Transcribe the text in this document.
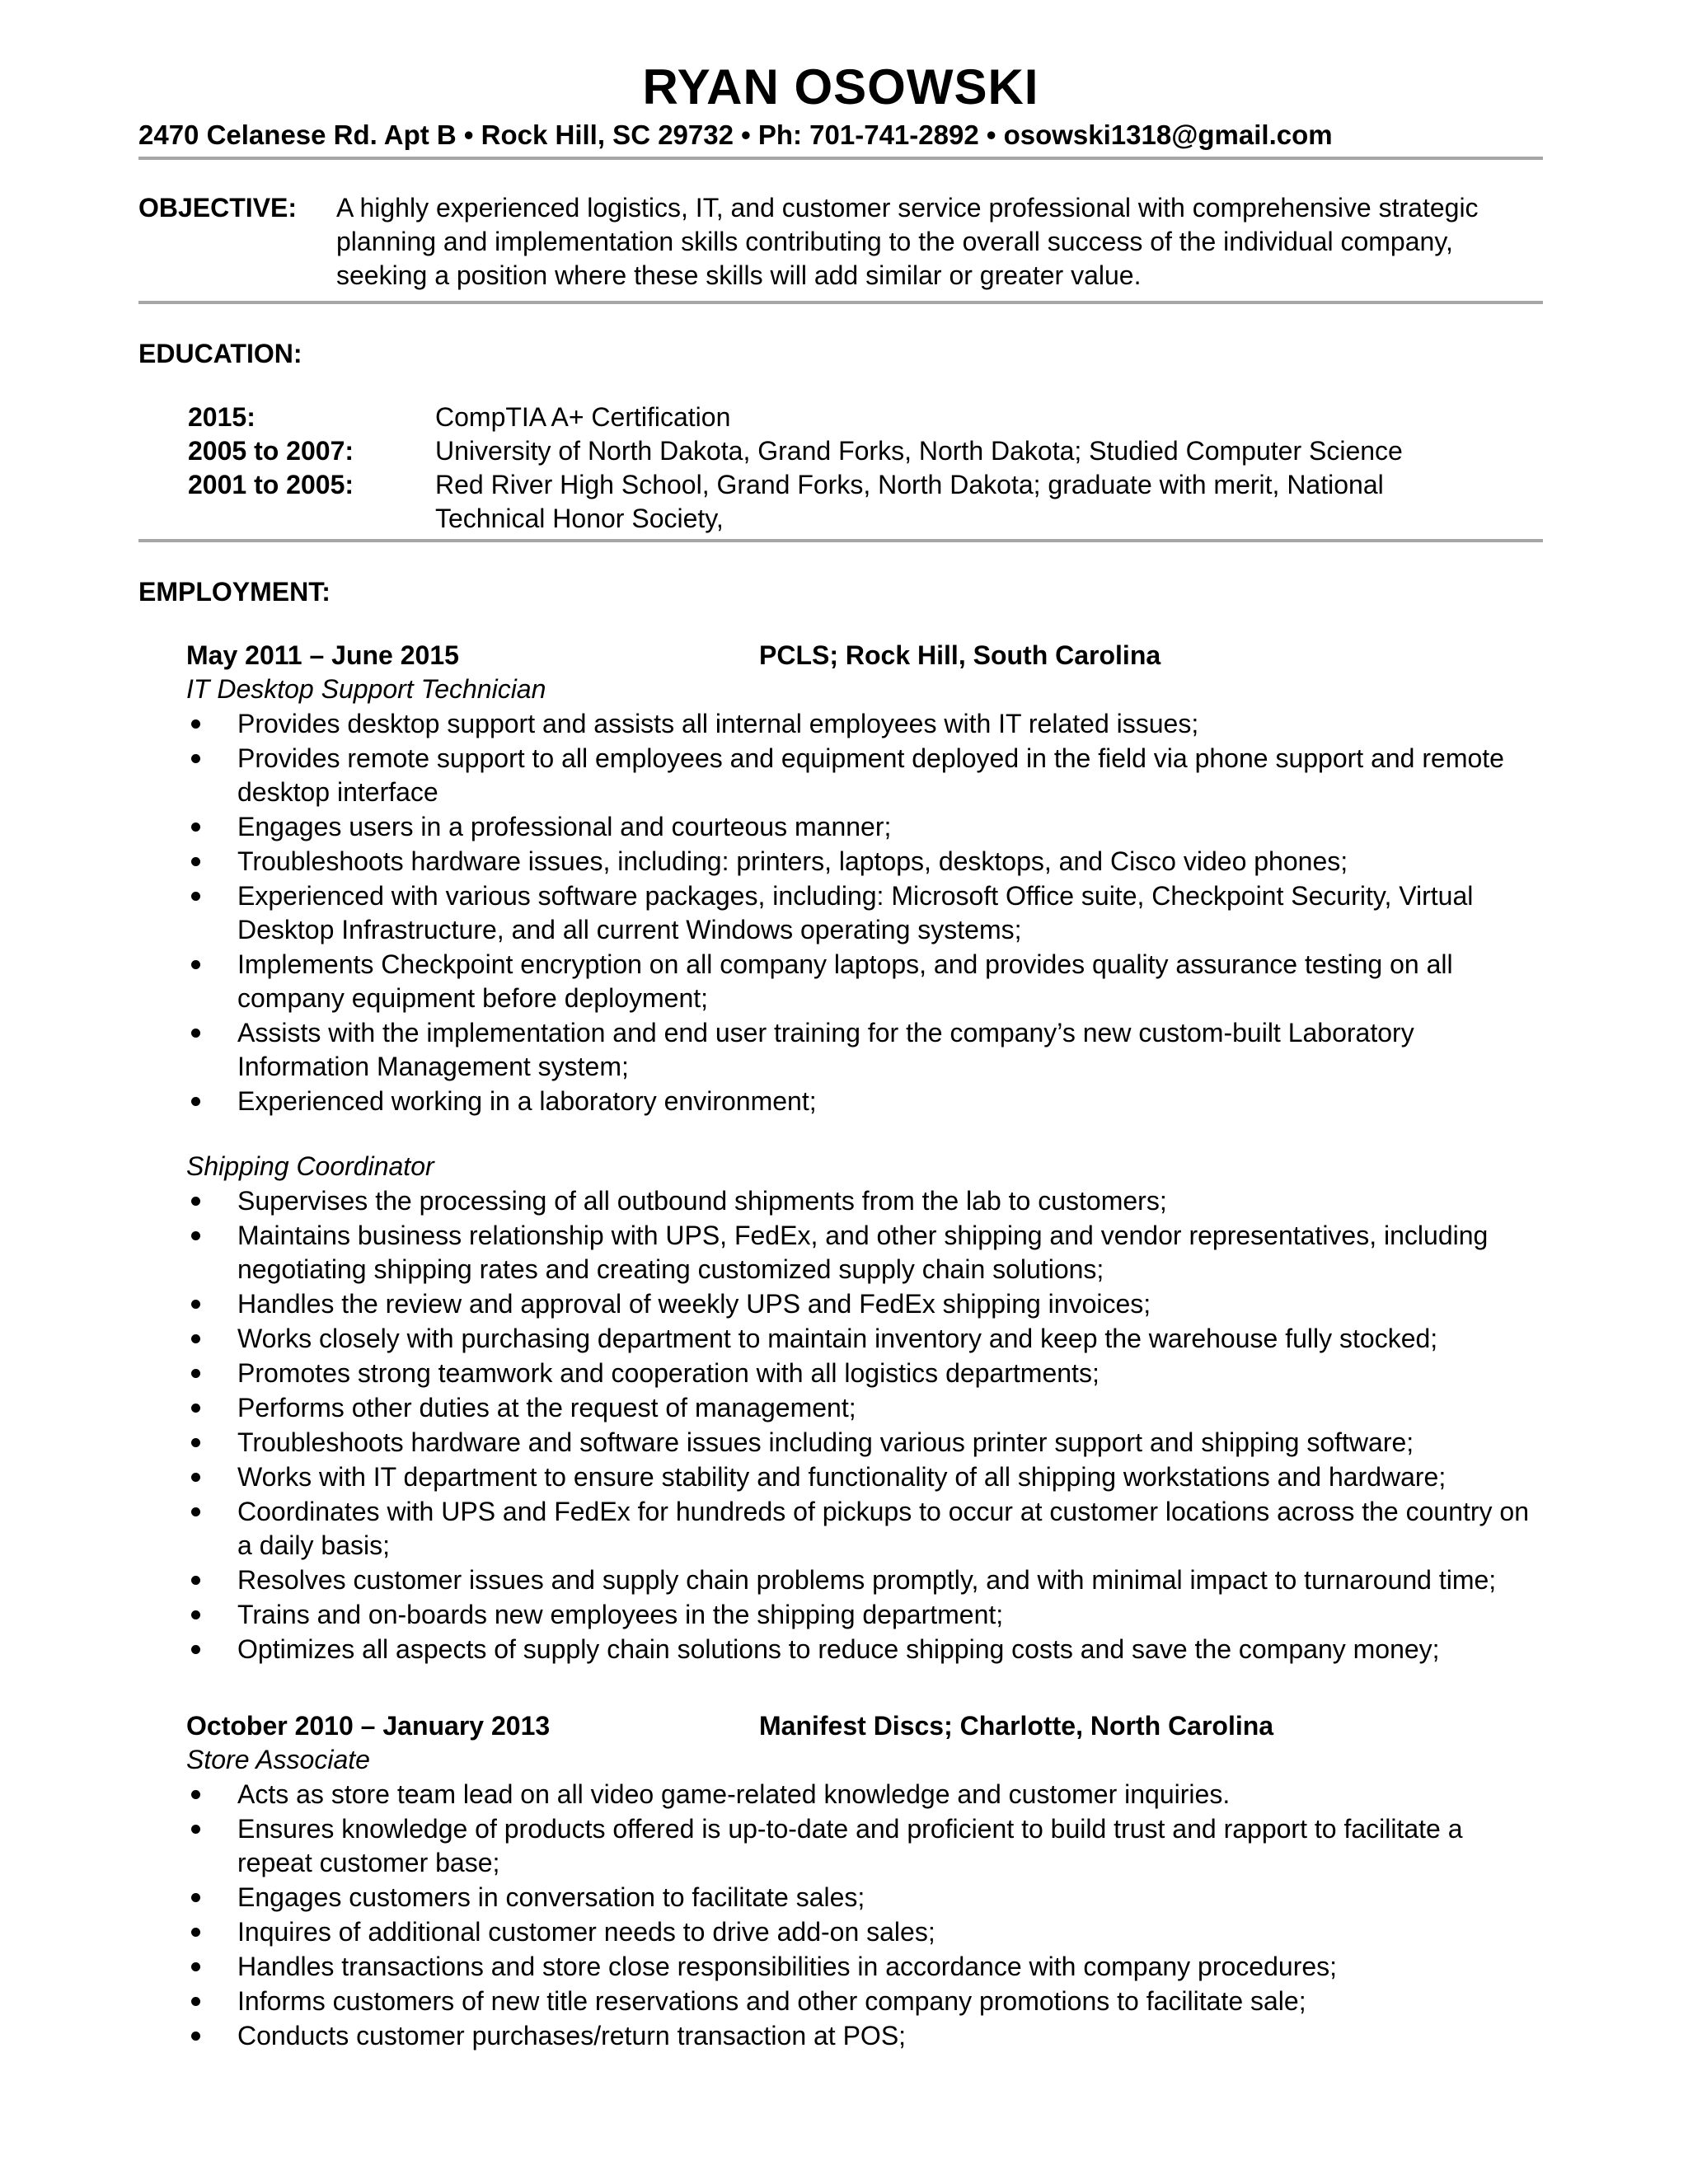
RYAN OSOWSKI
2470 Celanese Rd. Apt B • Rock Hill, SC 29732 • Ph: 701-741-2892 • osowski1318@gmail.com
OBJECTIVE:	A highly experienced logistics, IT, and customer service professional with comprehensive strategic planning and implementation skills contributing to the overall success of the individual company, seeking a position where these skills will add similar or greater value.
EDUCATION:
2015:	CompTIA A+ Certification
2005 to 2007:	University of North Dakota, Grand Forks, North Dakota; Studied Computer Science
2001 to 2005:	Red River High School, Grand Forks, North Dakota; graduate with merit, National Technical Honor Society,
EMPLOYMENT:
May 2011 – June 2015	PCLS; Rock Hill, South Carolina
IT Desktop Support Technician
Provides desktop support and assists all internal employees with IT related issues;
Provides remote support to all employees and equipment deployed in the field via phone support and remote desktop interface
Engages users in a professional and courteous manner;
Troubleshoots hardware issues, including: printers, laptops, desktops, and Cisco video phones;
Experienced with various software packages, including: Microsoft Office suite, Checkpoint Security, Virtual Desktop Infrastructure, and all current Windows operating systems;
Implements Checkpoint encryption on all company laptops, and provides quality assurance testing on all company equipment before deployment;
Assists with the implementation and end user training for the company’s new custom-built Laboratory Information Management system;
Experienced working in a laboratory environment;
Shipping Coordinator
Supervises the processing of all outbound shipments from the lab to customers;
Maintains business relationship with UPS, FedEx, and other shipping and vendor representatives, including negotiating shipping rates and creating customized supply chain solutions;
Handles the review and approval of weekly UPS and FedEx shipping invoices;
Works closely with purchasing department to maintain inventory and keep the warehouse fully stocked;
Promotes strong teamwork and cooperation with all logistics departments;
Performs other duties at the request of management;
Troubleshoots hardware and software issues including various printer support and shipping software;
Works with IT department to ensure stability and functionality of all shipping workstations and hardware;
Coordinates with UPS and FedEx for hundreds of pickups to occur at customer locations across the country on a daily basis;
Resolves customer issues and supply chain problems promptly, and with minimal impact to turnaround time;
Trains and on-boards new employees in the shipping department;
Optimizes all aspects of supply chain solutions to reduce shipping costs and save the company money;
October 2010 – January 2013	Manifest Discs; Charlotte, North Carolina
Store Associate
Acts as store team lead on all video game-related knowledge and customer inquiries.
Ensures knowledge of products offered is up-to-date and proficient to build trust and rapport to facilitate a repeat customer base;
Engages customers in conversation to facilitate sales;
Inquires of additional customer needs to drive add-on sales;
Handles transactions and store close responsibilities in accordance with company procedures;
Informs customers of new title reservations and other company promotions to facilitate sale;
Conducts customer purchases/return transaction at POS;
